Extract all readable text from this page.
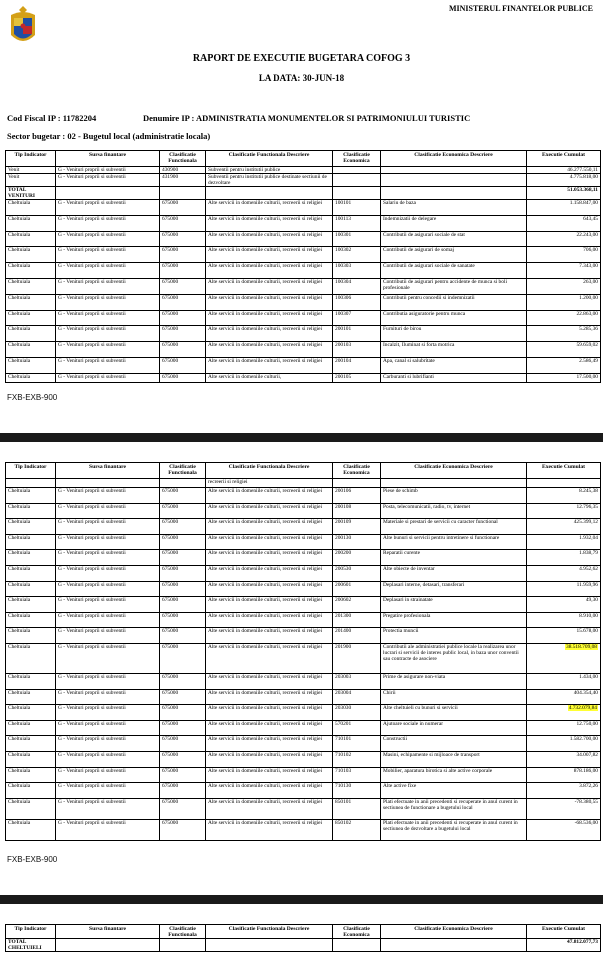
MINISTERUL FINANTELOR PUBLICE
RAPORT DE EXECUTIE BUGETARA COFOG 3
LA DATA: 30-JUN-18
Cod Fiscal IP : 11782204	Denumire IP : ADMINISTRATIA MONUMENTELOR SI PATRIMONIULUI TURISTIC
Sector bugetar : 02 - Bugetul local (administratie locala)
Tip Indicator	Sursa finantare	Clasificatie Functionala	Clasificatie Functionala Descriere	Clasificatie Economica	Clasificatie Economica Descriere	Executie Cumulat
Venit	G - Venituri proprii si subventii	430900	Subventii pentru institutii publice			46.277.550,11
Venit	G - Venituri proprii si subventii	431900	Subventii pentru institutii publice destinate sectiunii de dezvoltare			4.775.818,00
TOTAL VENITURI						51.053.368,11
Cheltuiala	G - Venituri proprii si subventii	675000	Alte servicii in domeniile culturii, recreerii si religiei	100101	Salariu de baza	1.158.847,00
Cheltuiala	G - Venituri proprii si subventii	675000	Alte servicii in domeniile culturii, recreerii si religiei	100113	Indemnizatii de delegare	643,45
Cheltuiala	G - Venituri proprii si subventii	675000	Alte servicii in domeniile culturii, recreerii si religiei	100301	Contributii de asigurari sociale de stat	22.243,00
Cheltuiala	G - Venituri proprii si subventii	675000	Alte servicii in domeniile culturii, recreerii si religiei	100302	Contributii de asigurari de somaj	706,00
Cheltuiala	G - Venituri proprii si subventii	675000	Alte servicii in domeniile culturii, recreerii si religiei	100303	Contributii de asigurari sociale de sanatate	7.343,00
Cheltuiala	G - Venituri proprii si subventii	675000	Alte servicii in domeniile culturii, recreerii si religiei	100304	Contributii de asigurari pentru accidente de munca si boli profesionale	263,00
Cheltuiala	G - Venituri proprii si subventii	675000	Alte servicii in domeniile culturii, recreerii si religiei	100306	Contributii pentru concedii si indemnizatii	1.200,00
Cheltuiala	G - Venituri proprii si subventii	675000	Alte servicii in domeniile culturii, recreerii si religiei	100307	Contributia asiguratorie pentru munca	22.863,00
Cheltuiala	G - Venituri proprii si subventii	675000	Alte servicii in domeniile culturii, recreerii si religiei	200101	Furnituri de birou	5.285,36
Cheltuiala	G - Venituri proprii si subventii	675000	Alte servicii in domeniile culturii, recreerii si religiei	200103	Incalzit, Iluminat si forta motrica	59.659,02
Cheltuiala	G - Venituri proprii si subventii	675000	Alte servicii in domeniile culturii, recreerii si religiei	200104	Apa, canal si salubritate	2.586,49
Cheltuiala	G - Venituri proprii si subventii	675000	Alte servicii in domeniile culturii,	200105	Carburanti si lubrifianti	17.500,00
FXB-EXB-900
Tip Indicator	Sursa finantare	Clasificatie Functionala	Clasificatie Functionala Descriere	Clasificatie Economica	Clasificatie Economica Descriere	Executie Cumulat
			recreerii si religiei			
Cheltuiala	G - Venituri proprii si subventii	675000	Alte servicii in domeniile culturii, recreerii si religiei	200106	Piese de schimb	8.245,38
Cheltuiala	G - Venituri proprii si subventii	675000	Alte servicii in domeniile culturii, recreerii si religiei	200108	Posta, telecomunicatii, radio, tv, internet	12.796,35
Cheltuiala	G - Venituri proprii si subventii	675000	Alte servicii in domeniile culturii, recreerii si religiei	200109	Materiale si prestari de servicii cu caracter functional	425.399,12
Cheltuiala	G - Venituri proprii si subventii	675000	Alte servicii in domeniile culturii, recreerii si religiei	200130	Alte bunuri si servicii pentru intretinere si functionare	1.932,04
Cheltuiala	G - Venituri proprii si subventii	675000	Alte servicii in domeniile culturii, recreerii si religiei	200200	Reparatii curente	1.838,79
Cheltuiala	G - Venituri proprii si subventii	675000	Alte servicii in domeniile culturii, recreerii si religiei	200530	Alte obiecte de inventar	4.952,62
Cheltuiala	G - Venituri proprii si subventii	675000	Alte servicii in domeniile culturii, recreerii si religiei	200601	Deplasari interne, detasari, transferari	11.959,96
Cheltuiala	G - Venituri proprii si subventii	675000	Alte servicii in domeniile culturii, recreerii si religiei	200602	Deplasari in strainatate	49,30
Cheltuiala	G - Venituri proprii si subventii	675000	Alte servicii in domeniile culturii, recreerii si religiei	201300	Pregatire profesionala	8.910,00
Cheltuiala	G - Venituri proprii si subventii	675000	Alte servicii in domeniile culturii, recreerii si religiei	201400	Protectia muncii	15.678,00
Cheltuiala	G - Venituri proprii si subventii	675000	Alte servicii in domeniile culturii, recreerii si religiei	201900	Contributii ale administratiei publice locale la realizarea unor lucrari si servicii de interes public local, in baza unor conventii sau contracte de asociere	38.518.709,08
Cheltuiala	G - Venituri proprii si subventii	675000	Alte servicii in domeniile culturii, recreerii si religiei	203003	Prime de asigurare non-viata	1.434,00
Cheltuiala	G - Venituri proprii si subventii	675000	Alte servicii in domeniile culturii, recreerii si religiei	203004	Chirii	404.354,40
Cheltuiala	G - Venituri proprii si subventii	675000	Alte servicii in domeniile culturii, recreerii si religiei	203030	Alte cheltuieli cu bunuri si servicii	4.732.079,84
Cheltuiala	G - Venituri proprii si subventii	675000	Alte servicii in domeniile culturii, recreerii si religiei	570201	Ajutoare sociale in numerar	12.750,00
Cheltuiala	G - Venituri proprii si subventii	675000	Alte servicii in domeniile culturii, recreerii si religiei	710101	Constructii	1.582.700,00
Cheltuiala	G - Venituri proprii si subventii	675000	Alte servicii in domeniile culturii, recreerii si religiei	710102	Masini, echipamente si mijloace de transport	34.007,82
Cheltuiala	G - Venituri proprii si subventii	675000	Alte servicii in domeniile culturii, recreerii si religiei	710103	Mobilier, aparatura birotica si alte active corporale	878.186,00
Cheltuiala	G - Venituri proprii si subventii	675000	Alte servicii in domeniile culturii, recreerii si religiei	710130	Alte active fixe	3.872,26
Cheltuiala	G - Venituri proprii si subventii	675000	Alte servicii in domeniile culturii, recreerii si religiei	850101	Plati efectuate in anii precedenti si recuperate in anul curent in sectiunea de functionare a bugetului local	-78.380,55
Cheltuiala	G - Venituri proprii si subventii	675000	Alte servicii in domeniile culturii, recreerii si religiei	850102	Plati efectuate in anii precedenti si recuperate in anul curent in sectiunea de dezvoltare a bugetului local	-68.536,00
FXB-EXB-900
Tip Indicator	Sursa finantare	Clasificatie Functionala	Clasificatie Functionala Descriere	Clasificatie Economica	Clasificatie Economica Descriere	Executie Cumulat
TOTAL CHELTUIELI						47.812.077,73
